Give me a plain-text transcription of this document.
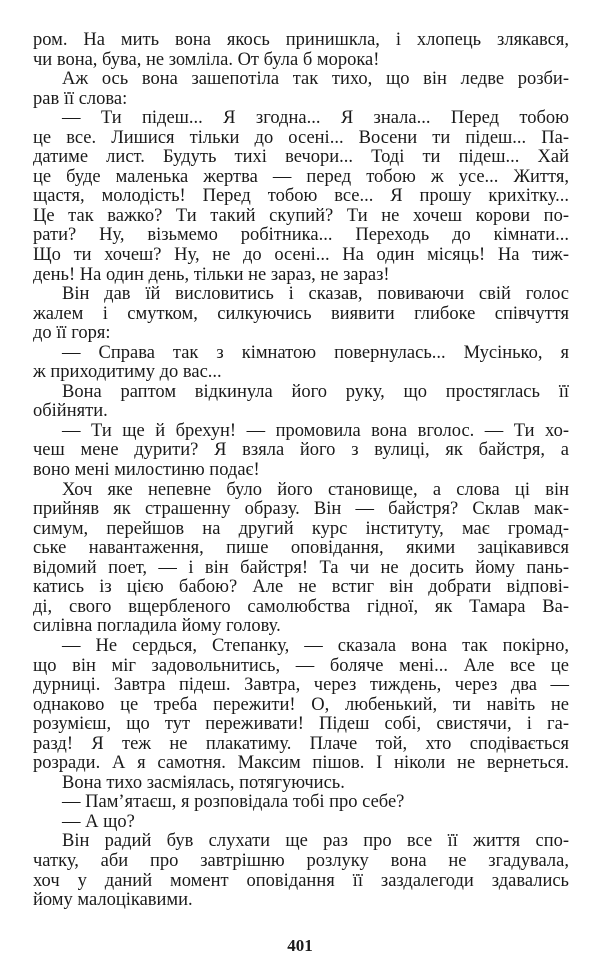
ром. На мить вона якось принишкла, і хлопець злякався,
чи вона, бува, не зомліла. От була б морока!
Аж ось вона зашепотіла так тихо, що він ледве розби-
рав її слова:
— Ти підеш... Я згодна... Я знала... Перед тобою
це все. Лишися тільки до осені... Восени ти підеш... Па-
датиме лист. Будуть тихі вечори... Тоді ти підеш... Хай
це буде маленька жертва — перед тобою ж усе... Життя,
щастя, молодість! Перед тобою все... Я прошу крихітку...
Це так важко? Ти такий скупий? Ти не хочеш корови по-
рати? Ну, візьмемо робітника... Переходь до кімнати...
Що ти хочеш? Ну, не до осені... На один місяць! На тиж-
день! На один день, тільки не зараз, не зараз!
Він дав їй висловитись і сказав, повиваючи свій голос
жалем і смутком, силкуючись виявити глибоке співчуття
до її горя:
— Справа так з кімнатою повернулась... Мусінько, я
ж приходитиму до вас...
Вона раптом відкинула його руку, що простяглась її
обійняти.
— Ти ще й брехун! — промовила вона вголос. — Ти хо-
чеш мене дурити? Я взяла його з вулиці, як байстря, а
воно мені милостиню подає!
Хоч яке непевне було його становище, а слова ці він
прийняв як страшенну образу. Він — байстря? Склав мак-
симум, перейшов на другий курс інституту, має громад-
ське навантаження, пише оповідання, якими зацікавився
відомий поет, — і він байстря! Та чи не досить йому пань-
катись із цією бабою? Але не встиг він добрати відпові-
ді, свого вщербленого самолюбства гідної, як Тамара Ва-
силівна погладила йому голову.
— Не сердься, Степанку, — сказала вона так покірно,
що він міг задовольнитись, — боляче мені... Але все це
дурниці. Завтра підеш. Завтра, через тиждень, через два —
однаково це треба пережити! О, любенький, ти навіть не
розумієш, що тут переживати! Підеш собі, свистячи, і га-
разд! Я теж не плакатиму. Плаче той, хто сподівається
розради. А я самотня. Максим пішов. І ніколи не вернеться.
Вона тихо засміялась, потягуючись.
— Пам’ятаєш, я розповідала тобі про себе?
— А що?
Він радий був слухати ще раз про все її життя спо-
чатку, аби про завтрішню розлуку вона не згадувала,
хоч у даний момент оповідання її заздалегоди здавались
йому малоцікавими.
401
